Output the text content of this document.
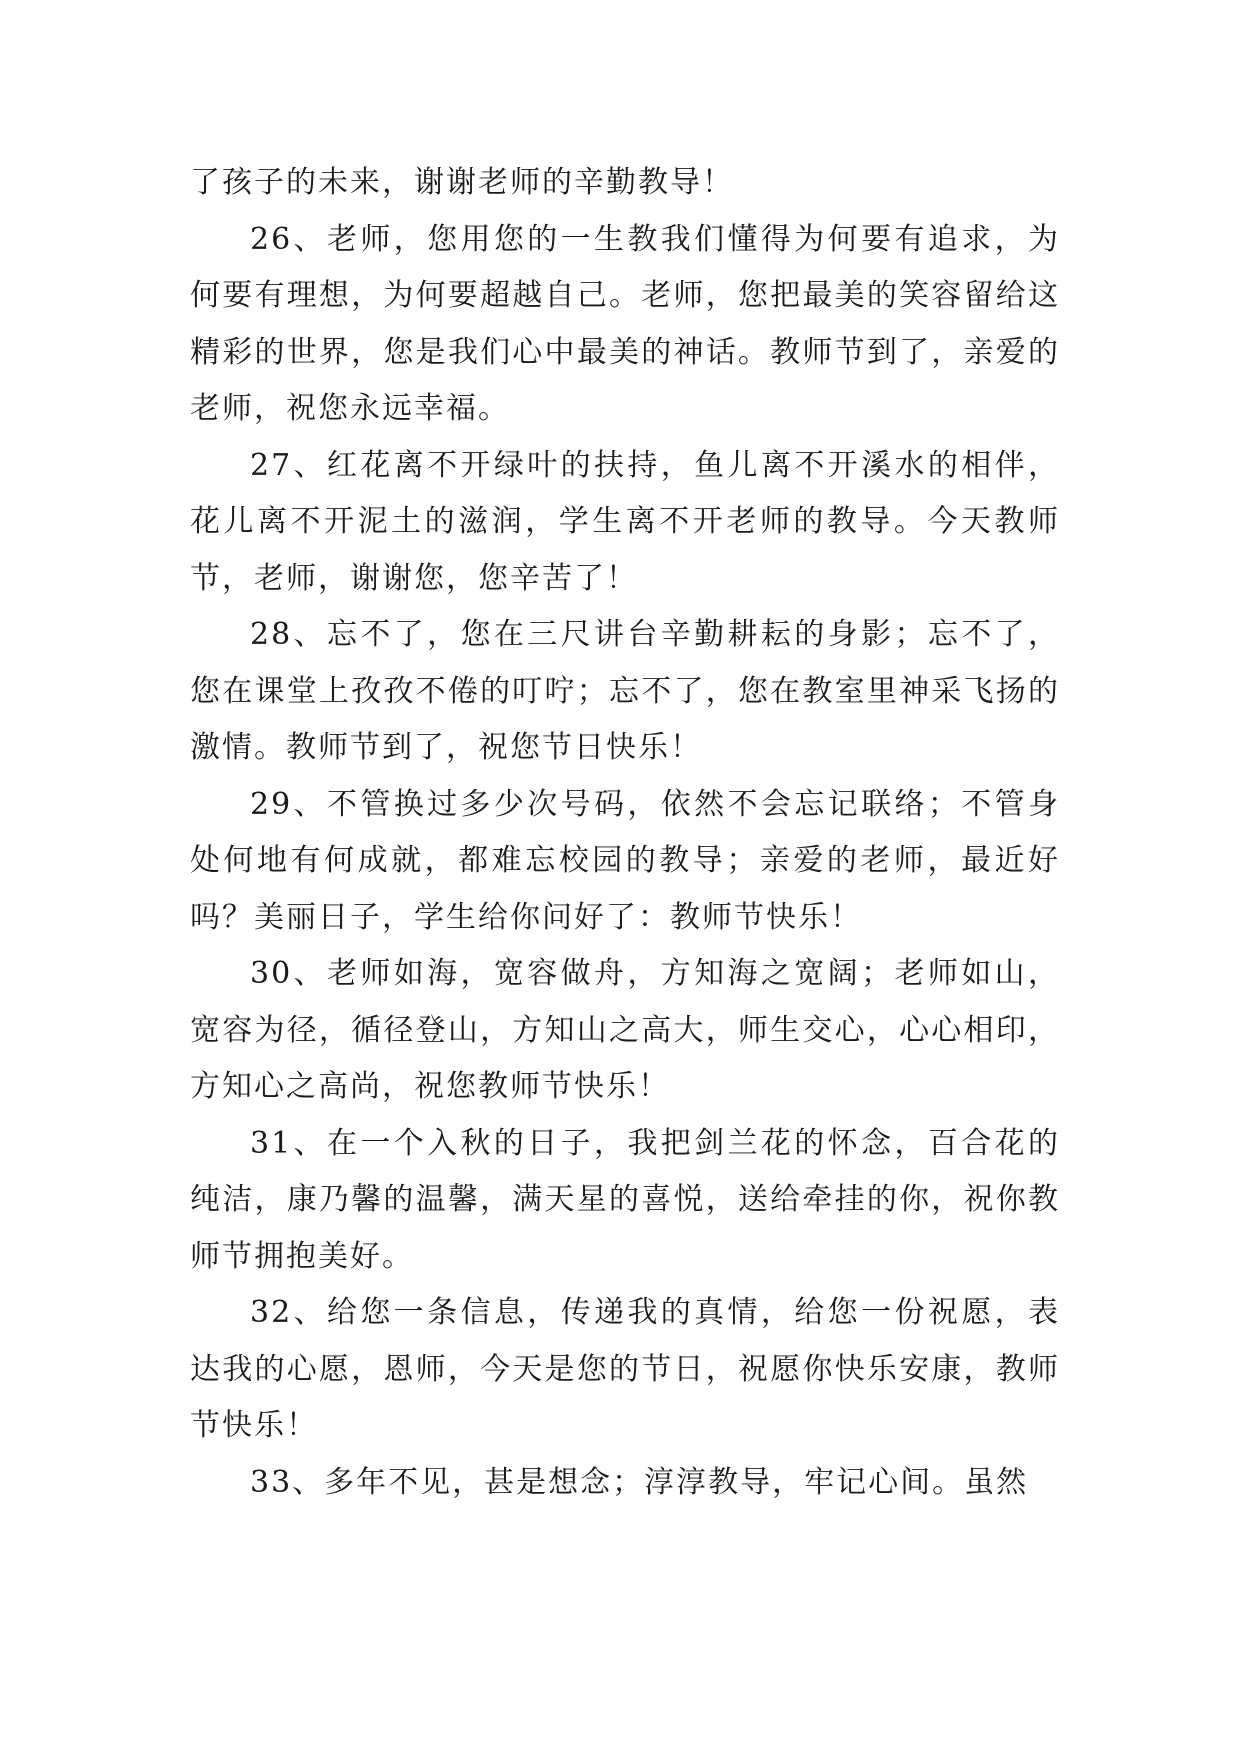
了孩子的未来，谢谢老师的辛勤教导！

26、老师，您用您的一生教我们懂得为何要有追求，为何要有理想，为何要超越自己。老师，您把最美的笑容留给这精彩的世界，您是我们心中最美的神话。教师节到了，亲爱的老师，祝您永远幸福。

27、红花离不开绿叶的扶持，鱼儿离不开溪水的相伴，花儿离不开泥土的滋润，学生离不开老师的教导。今天教师节，老师，谢谢您，您辛苦了！

28、忘不了，您在三尺讲台辛勤耕耘的身影；忘不了，您在课堂上孜孜不倦的叮咛；忘不了，您在教室里神采飞扬的激情。教师节到了，祝您节日快乐！

29、不管换过多少次号码，依然不会忘记联络；不管身处何地有何成就，都难忘校园的教导；亲爱的老师，最近好吗？美丽日子，学生给你问好了：教师节快乐！

30、老师如海，宽容做舟，方知海之宽阔；老师如山，宽容为径，循径登山，方知山之高大，师生交心，心心相印，方知心之高尚，祝您教师节快乐！

31、在一个入秋的日子，我把剑兰花的怀念，百合花的纯洁，康乃馨的温馨，满天星的喜悦，送给牵挂的你，祝你教师节拥抱美好。

32、给您一条信息，传递我的真情，给您一份祝愿，表达我的心愿，恩师，今天是您的节日，祝愿你快乐安康，教师节快乐！

33、多年不见，甚是想念；淳淳教导，牢记心间。虽然
